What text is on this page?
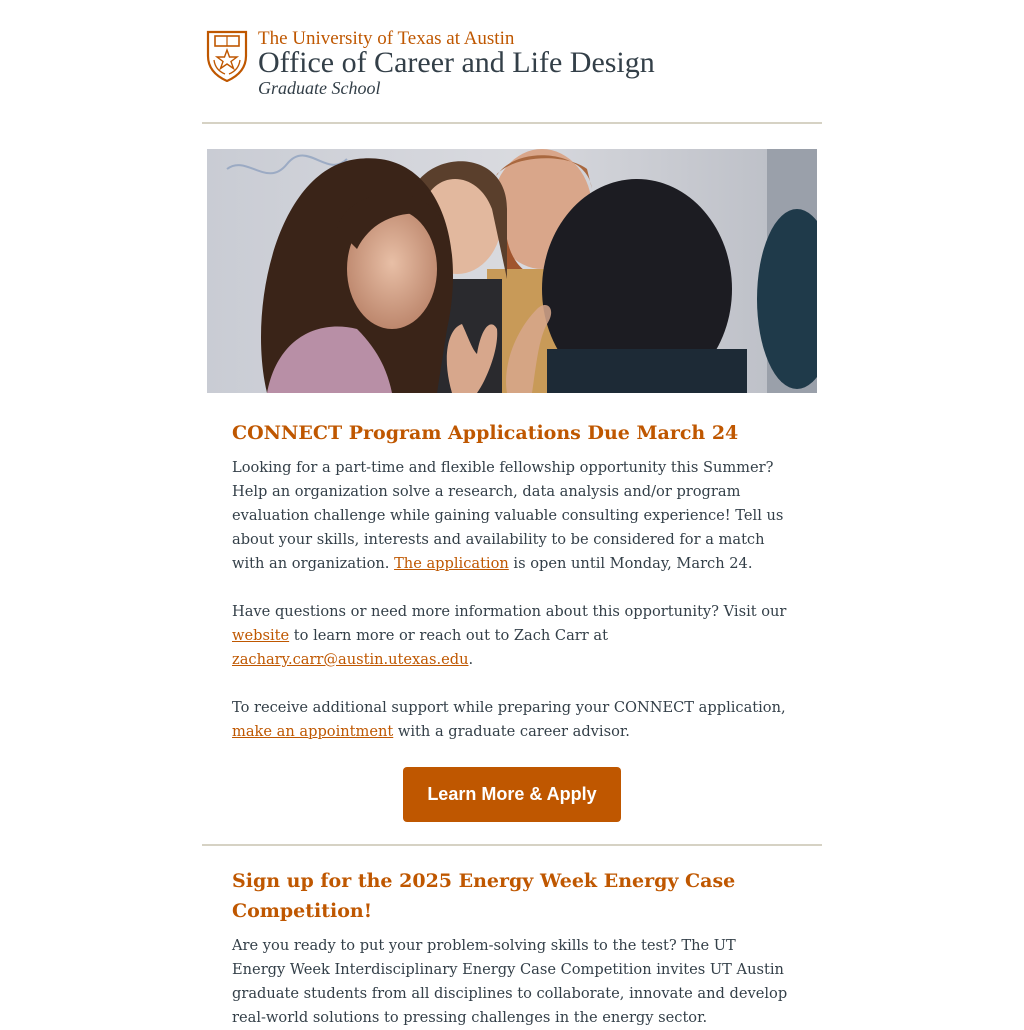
The University of Texas at Austin
Office of Career and Life Design
Graduate School
CONNECT Program Applications Due March 24

Looking for a part-time and flexible fellowship opportunity this Summer? Help an organization solve a research, data analysis and/or program evaluation challenge while gaining valuable consulting experience! Tell us about your skills, interests and availability to be considered for a match with an organization. The application is open until Monday, March 24.

Have questions or need more information about this opportunity? Visit our website to learn more or reach out to Zach Carr at zachary.carr@austin.utexas.edu.

To receive additional support while preparing your CONNECT application, make an appointment with a graduate career advisor.

Learn More & Apply
Sign up for the 2025 Energy Week Energy Case Competition!

Are you ready to put your problem-solving skills to the test? The UT Energy Week Interdisciplinary Energy Case Competition invites UT Austin graduate students from all disciplines to collaborate, innovate and develop real-world solutions to pressing challenges in the energy sector.
